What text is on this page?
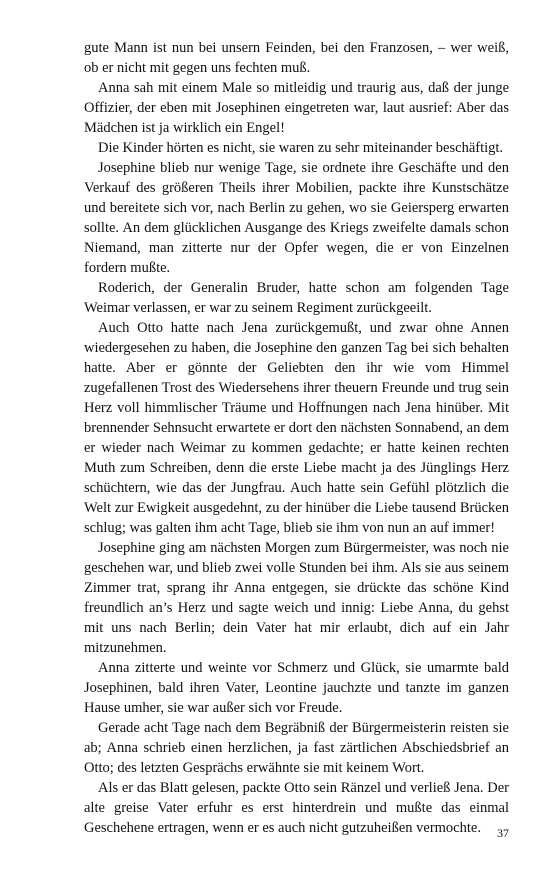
gute Mann ist nun bei unsern Feinden, bei den Franzosen, – wer weiß, ob er nicht mit gegen uns fechten muß.

Anna sah mit einem Male so mitleidig und traurig aus, daß der junge Offizier, der eben mit Josephinen eingetreten war, laut ausrief: Aber das Mädchen ist ja wirklich ein Engel!

Die Kinder hörten es nicht, sie waren zu sehr miteinander beschäftigt.

Josephine blieb nur wenige Tage, sie ordnete ihre Geschäfte und den Verkauf des größeren Theils ihrer Mobilien, packte ihre Kunstschätze und bereitete sich vor, nach Berlin zu gehen, wo sie Geiersperg erwarten sollte. An dem glücklichen Ausgange des Kriegs zweifelte damals schon Niemand, man zitterte nur der Opfer wegen, die er von Einzelnen fordern mußte.

Roderich, der Generalin Bruder, hatte schon am folgenden Tage Weimar verlassen, er war zu seinem Regiment zurückgeeilt.

Auch Otto hatte nach Jena zurückgemußt, und zwar ohne Annen wiedergesehen zu haben, die Josephine den ganzen Tag bei sich behalten hatte. Aber er gönnte der Geliebten den ihr wie vom Himmel zugefallenen Trost des Wiedersehens ihrer theuern Freunde und trug sein Herz voll himmlischer Träume und Hoffnungen nach Jena hinüber. Mit brennender Sehnsucht erwartete er dort den nächsten Sonnabend, an dem er wieder nach Weimar zu kommen gedachte; er hatte keinen rechten Muth zum Schreiben, denn die erste Liebe macht ja des Jünglings Herz schüchtern, wie das der Jungfrau. Auch hatte sein Gefühl plötzlich die Welt zur Ewigkeit ausgedehnt, zu der hinüber die Liebe tausend Brücken schlug; was galten ihm acht Tage, blieb sie ihm von nun an auf immer!

Josephine ging am nächsten Morgen zum Bürgermeister, was noch nie geschehen war, und blieb zwei volle Stunden bei ihm. Als sie aus seinem Zimmer trat, sprang ihr Anna entgegen, sie drückte das schöne Kind freundlich an’s Herz und sagte weich und innig: Liebe Anna, du gehst mit uns nach Berlin; dein Vater hat mir erlaubt, dich auf ein Jahr mitzunehmen.

Anna zitterte und weinte vor Schmerz und Glück, sie umarmte bald Josephinen, bald ihren Vater, Leontine jauchzte und tanzte im ganzen Hause umher, sie war außer sich vor Freude.

Gerade acht Tage nach dem Begräbniß der Bürgermeisterin reisten sie ab; Anna schrieb einen herzlichen, ja fast zärtlichen Abschiedsbrief an Otto; des letzten Gesprächs erwähnte sie mit keinem Wort.

Als er das Blatt gelesen, packte Otto sein Ränzel und verließ Jena. Der alte greise Vater erfuhr es erst hinterdrein und mußte das einmal Geschehene ertragen, wenn er es auch nicht gutzuheißen vermochte.	37
